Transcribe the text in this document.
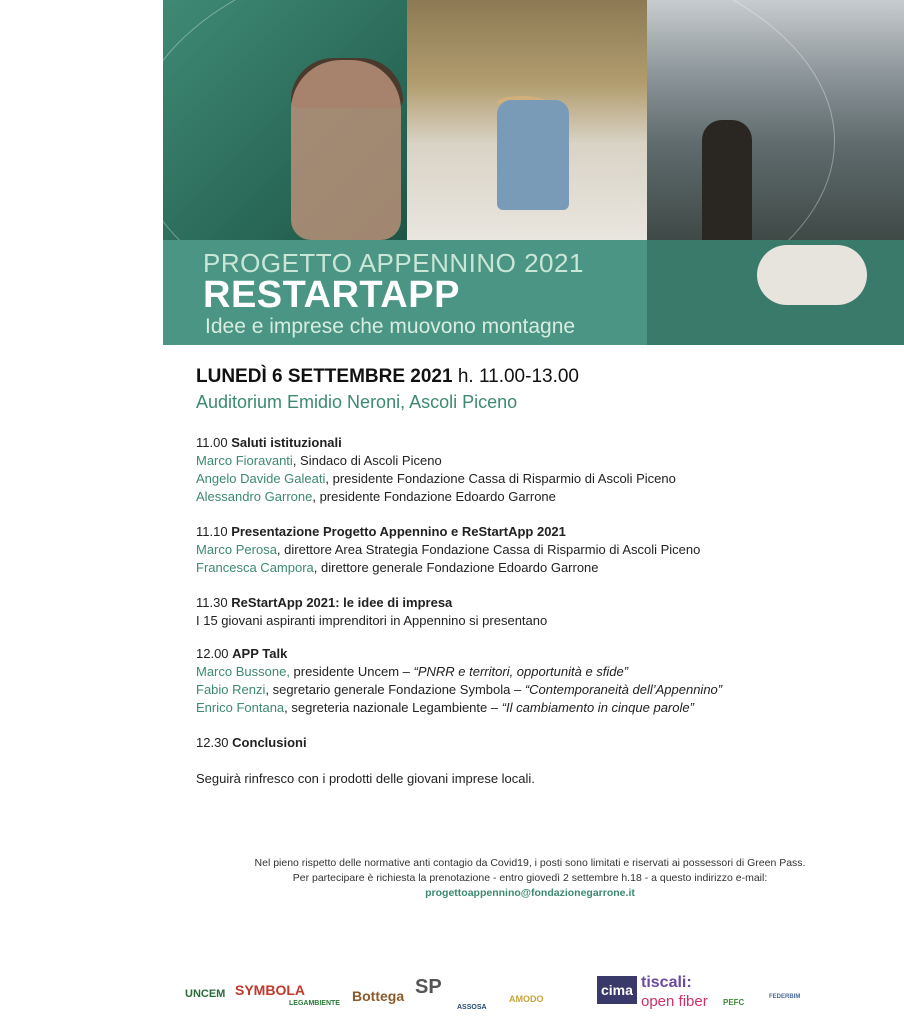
PROGETTO APPENNINO 2021
RESTARTAPP
Idee e imprese che muovono montagne
LUNEDÌ 6 SETTEMBRE 2021 h. 11.00-13.00
Auditorium Emidio Neroni, Ascoli Piceno
11.00 Saluti istituzionali
Marco Fioravanti, Sindaco di Ascoli Piceno
Angelo Davide Galeati, presidente Fondazione Cassa di Risparmio di Ascoli Piceno
Alessandro Garrone, presidente Fondazione Edoardo Garrone
11.10 Presentazione Progetto Appennino e ReStartApp 2021
Marco Perosa, direttore Area Strategia Fondazione Cassa di Risparmio di Ascoli Piceno
Francesca Campora, direttore generale Fondazione Edoardo Garrone
11.30 ReStartApp 2021: le idee di impresa
I 15 giovani aspiranti imprenditori in Appennino si presentano
12.00 APP Talk
Marco Bussone, presidente Uncem – “PNRR e territori, opportunità e sfide”
Fabio Renzi, segretario generale Fondazione Symbola – “Contemporaneità dell’Appennino”
Enrico Fontana, segreteria nazionale Legambiente – “Il cambiamento in cinque parole”
12.30 Conclusioni
Seguirà rinfresco con i prodotti delle giovani imprese locali.
Nel pieno rispetto delle normative anti contagio da Covid19, i posti sono limitati e riservati ai possessori di Green Pass.
Per partecipare è richiesta la prenotazione - entro giovedì 2 settembre h.18 - a questo indirizzo e-mail:
progettoappennino@fondazionegarrone.it
UNCEM SYMBOLA
LEGAMBIENTE Bottega SP
ASSOSA
AMODO
cima tiscali:
open fiber PEFC
FEDERBIM
